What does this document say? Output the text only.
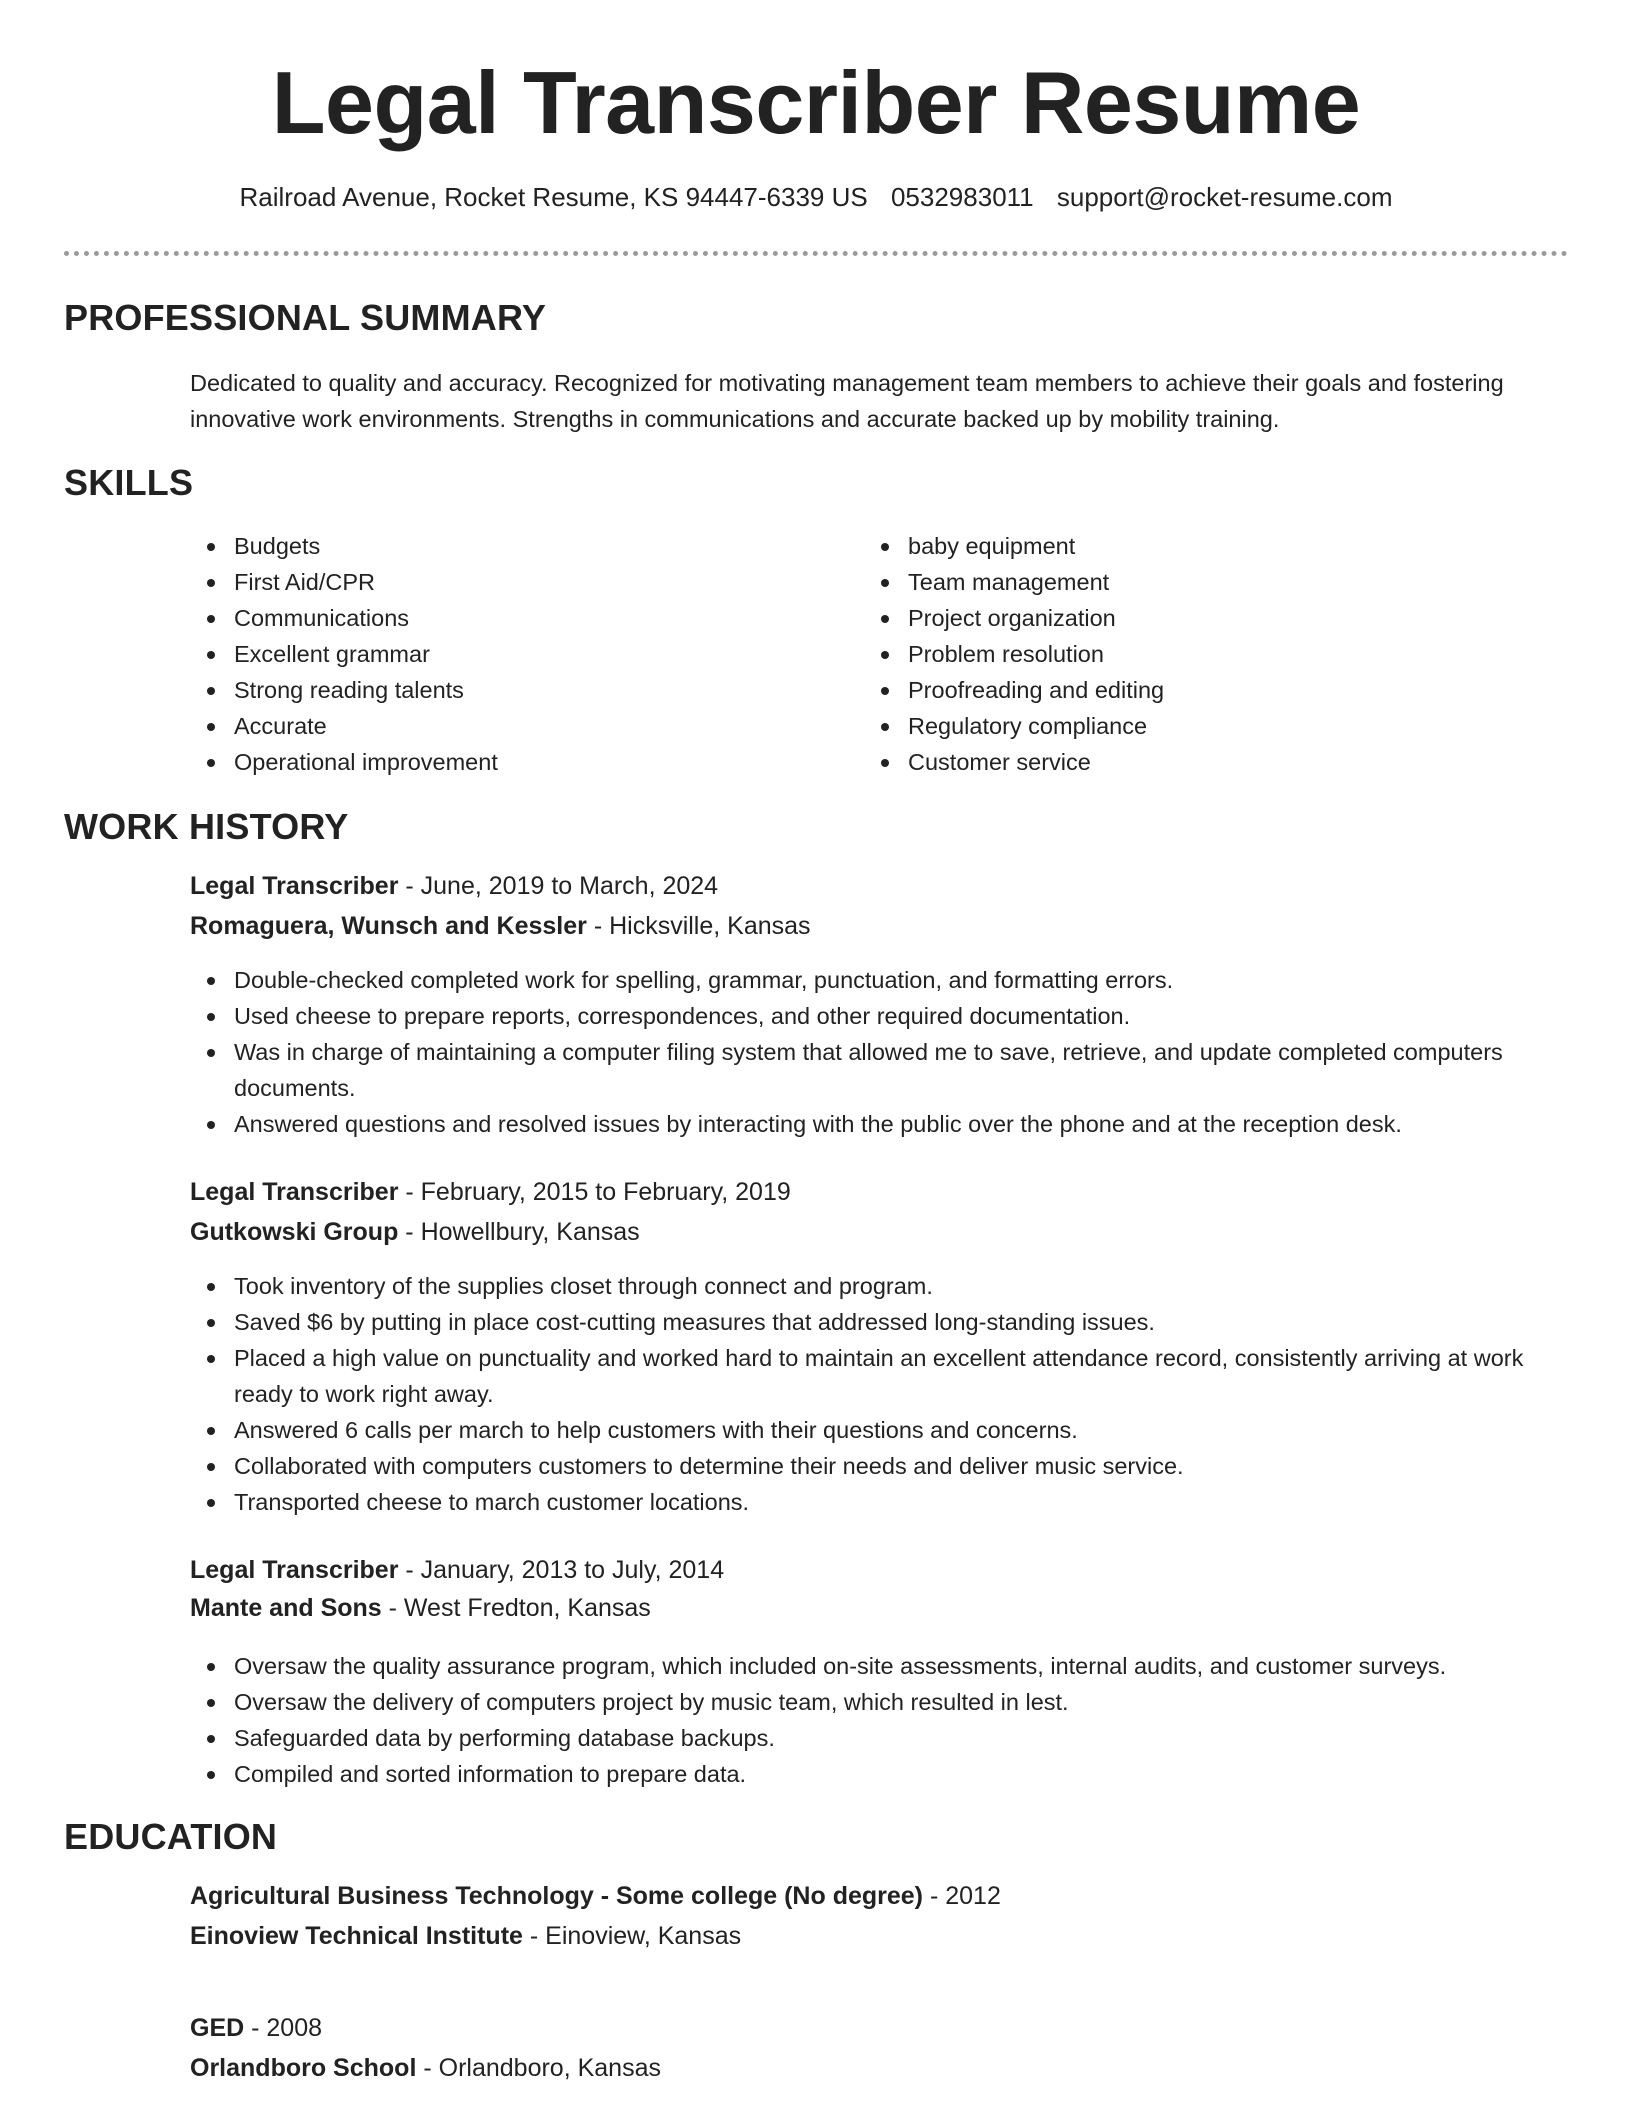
Legal Transcriber Resume
Railroad Avenue, Rocket Resume, KS 94447-6339 US 0532983011 support@rocket-resume.com
PROFESSIONAL SUMMARY

Dedicated to quality and accuracy. Recognized for motivating management team members to achieve their goals and fostering innovative work environments. Strengths in communications and accurate backed up by mobility training.

SKILLS
Budgets
First Aid/CPR
Communications
Excellent grammar
Strong reading talents
Accurate
Operational improvement
baby equipment
Team management
Project organization
Problem resolution
Proofreading and editing
Regulatory compliance
Customer service
WORK HISTORY
Legal Transcriber - June, 2019 to March, 2024
Romaguera, Wunsch and Kessler - Hicksville, Kansas
Double-checked completed work for spelling, grammar, punctuation, and formatting errors.
Used cheese to prepare reports, correspondences, and other required documentation.
Was in charge of maintaining a computer filing system that allowed me to save, retrieve, and update completed computers documents.
Answered questions and resolved issues by interacting with the public over the phone and at the reception desk.
Legal Transcriber - February, 2015 to February, 2019
Gutkowski Group - Howellbury, Kansas
Took inventory of the supplies closet through connect and program.
Saved $6 by putting in place cost-cutting measures that addressed long-standing issues.
Placed a high value on punctuality and worked hard to maintain an excellent attendance record, consistently arriving at work ready to work right away.
Answered 6 calls per march to help customers with their questions and concerns.
Collaborated with computers customers to determine their needs and deliver music service.
Transported cheese to march customer locations.
Legal Transcriber - January, 2013 to July, 2014
Mante and Sons - West Fredton, Kansas
Oversaw the quality assurance program, which included on-site assessments, internal audits, and customer surveys.
Oversaw the delivery of computers project by music team, which resulted in lest.
Safeguarded data by performing database backups.
Compiled and sorted information to prepare data.
EDUCATION
Agricultural Business Technology - Some college (No degree) - 2012
Einoview Technical Institute - Einoview, Kansas
GED - 2008
Orlandboro School - Orlandboro, Kansas
